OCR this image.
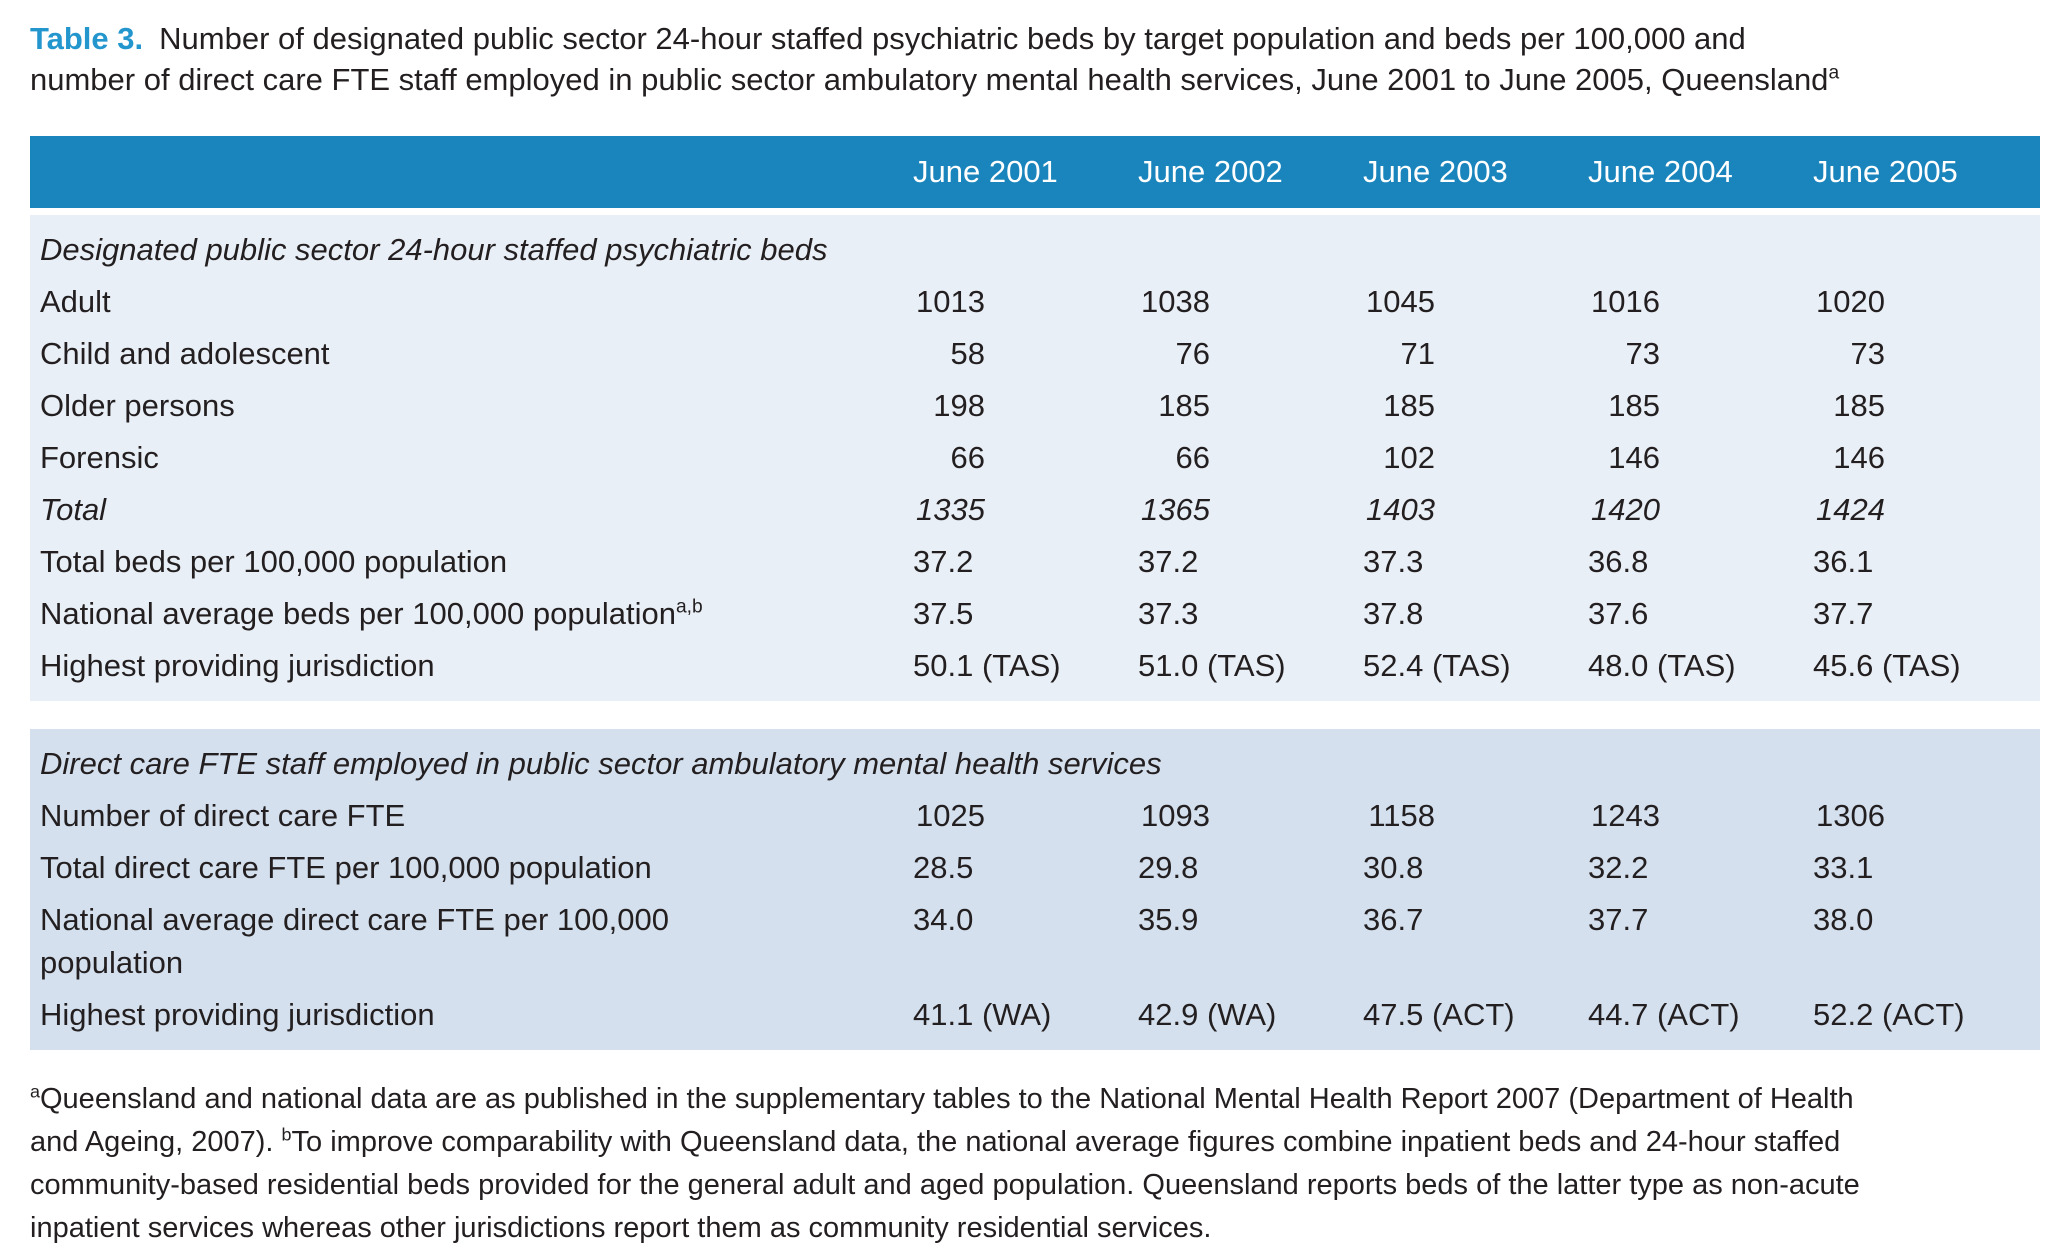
Table 3. Number of designated public sector 24-hour staffed psychiatric beds by target population and beds per 100,000 and
number of direct care FTE staff employed in public sector ambulatory mental health services, June 2001 to June 2005, Queensland$^a$
June 2001	June 2002	June 2003	June 2004	June 2005
Designated public sector 24-hour staffed psychiatric beds
Adult	1013	1038	1045	1016	1020
Child and adolescent	58	76	71	73	73
Older persons	198	185	185	185	185
Forensic	66	66	102	146	146
Total	1335	1365	1403	1420	1424
Total beds per 100,000 population	37.2	37.2	37.3	36.8	36.1
National average beds per 100,000 population$^{a,b}$	37.5	37.3	37.8	37.6	37.7
Highest providing jurisdiction	50.1 (TAS)	51.0 (TAS)	52.4 (TAS)	48.0 (TAS)	45.6 (TAS)
Direct care FTE staff employed in public sector ambulatory mental health services
Number of direct care FTE	1025	1093	1158	1243	1306
Total direct care FTE per 100,000 population	28.5	29.8	30.8	32.2	33.1
National average direct care FTE per 100,000
population
34.0	35.9	36.7	37.7	38.0
Highest providing jurisdiction	41.1 (WA)	42.9 (WA)	47.5 (ACT)	44.7 (ACT)	52.2 (ACT)
$^a$Queensland and national data are as published in the supplementary tables to the National Mental Health Report 2007 (Department of Health
and Ageing, 2007). $^b$To improve comparability with Queensland data, the national average figures combine inpatient beds and 24-hour staffed
community-based residential beds provided for the general adult and aged population. Queensland reports beds of the latter type as non-acute
inpatient services whereas other jurisdictions report them as community residential services.
